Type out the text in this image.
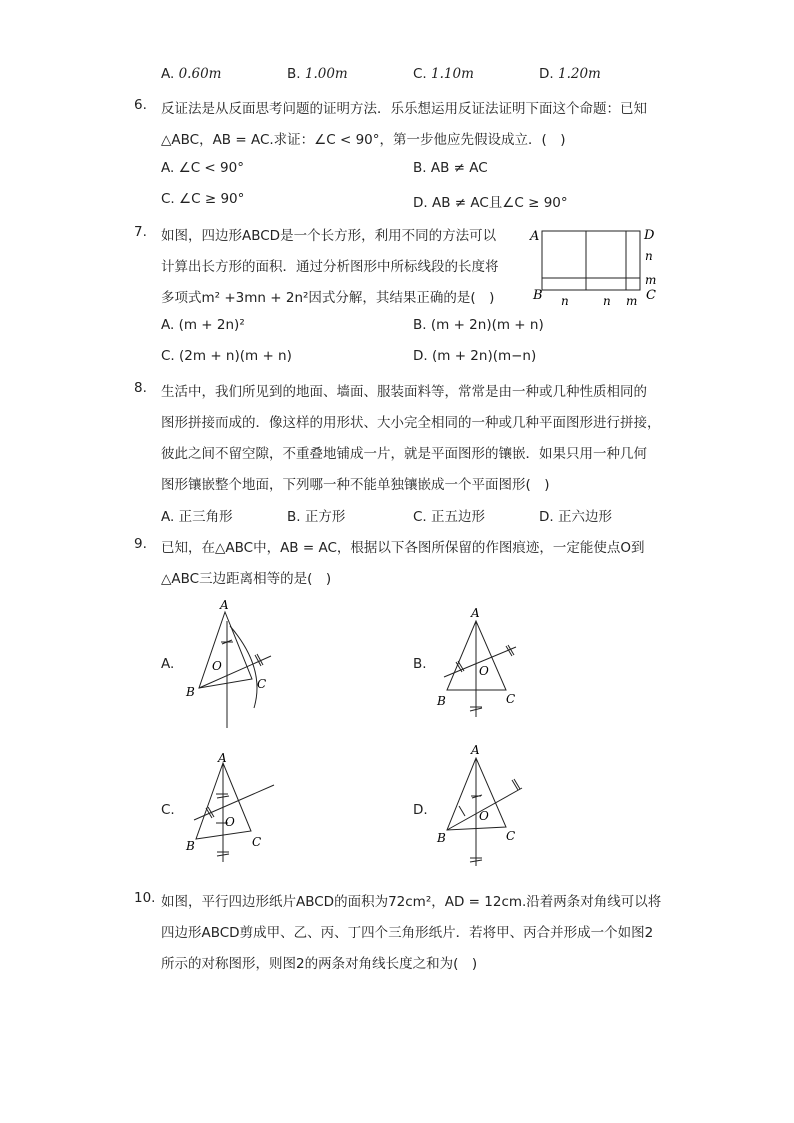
A. 0.60m	B. 1.00m	C. 1.10m	D. 1.20m
6. 反证法是从反面思考问题的证明方法．乐乐想运用反证法证明下面这个命题：已知
△ABC，AB = AC.求证：∠C < 90°，第一步他应先假设成立．(　)
A. ∠C < 90°	B. AB ≠ AC
C. ∠C ≥ 90°	D. AB ≠ AC且∠C ≥ 90°
7. 如图，四边形ABCD是一个长方形，利用不同的方法可以
计算出长方形的面积．通过分析图形中所标线段的长度将
多项式m² +3mn + 2n²因式分解，其结果正确的是(　)
A. (m + 2n)²	B. (m + 2n)(m + n)
C. (2m + n)(m + n)	D. (m + 2n)(m−n)
A	D
B	C
n
m
n	n m
8. 生活中，我们所见到的地面、墙面、服装面料等，常常是由一种或几种性质相同的
图形拼接而成的．像这样的用形状、大小完全相同的一种或几种平面图形进行拼接，
彼此之间不留空隙，不重叠地铺成一片，就是平面图形的镶嵌．如果只用一种几何
图形镶嵌整个地面，下列哪一种不能单独镶嵌成一个平面图形(　)
A. 正三角形	B. 正方形	C. 正五边形	D. 正六边形
9. 已知，在△ABC中，AB = AC，根据以下各图所保留的作图痕迹，一定能使点O到
△ABC三边距离相等的是(　)
A.
A
B
C
O	B.
A
B	C
O
C.
A
B	C
O
D.
A
B	C
O
10. 如图，平行四边形纸片ABCD的面积为72cm²，AD = 12cm.沿着两条对角线可以将
四边形ABCD剪成甲、乙、丙、丁四个三角形纸片．若将甲、丙合并形成一个如图2
所示的对称图形，则图2的两条对角线长度之和为(　)
